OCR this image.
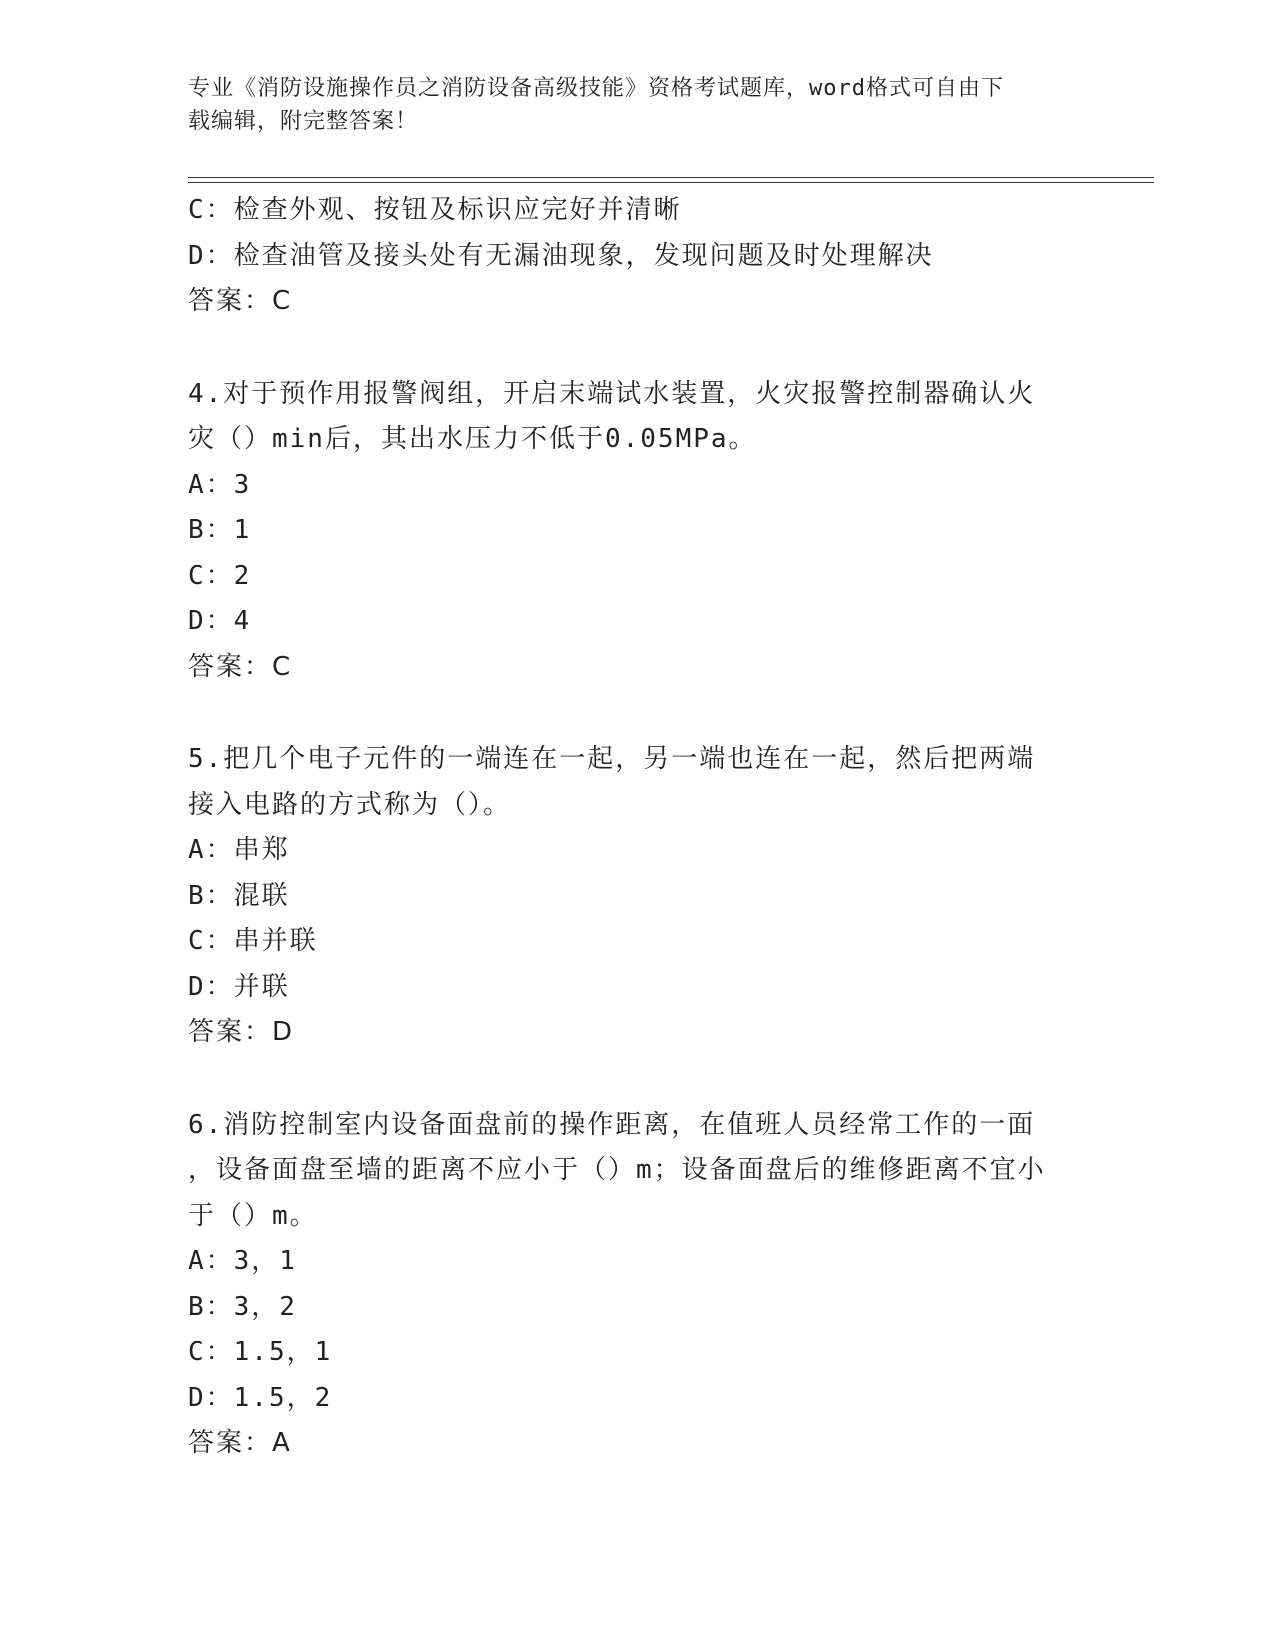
专业《消防设施操作员之消防设备高级技能》资格考试题库，word格式可自由下
载编辑，附完整答案！
C：检查外观、按钮及标识应完好并清晰
D：检查油管及接头处有无漏油现象，发现问题及时处理解决
答案：C
4.对于预作用报警阀组，开启末端试水装置，火灾报警控制器确认火
灾（）min后，其出水压力不低于0.05MPa。
A：3
B：1
C：2
D：4
答案：C
5.把几个电子元件的一端连在一起，另一端也连在一起，然后把两端
接入电路的方式称为（）。
A：串郑
B：混联
C：串并联
D：并联
答案：D
6.消防控制室内设备面盘前的操作距离，在值班人员经常工作的一面
，设备面盘至墙的距离不应小于（）m；设备面盘后的维修距离不宜小
于（）m。
A：3，1
B：3，2
C：1.5，1
D：1.5，2
答案：A
